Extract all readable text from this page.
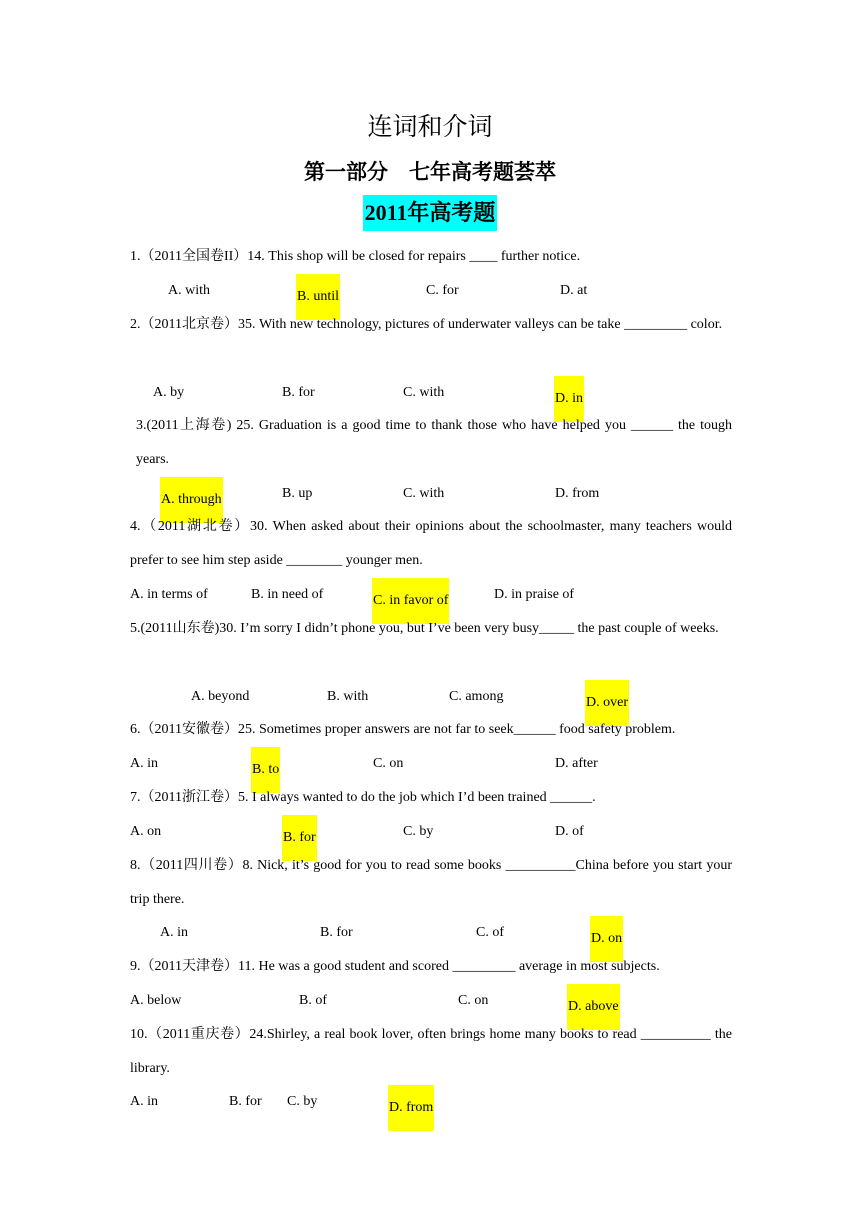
连词和介词
第一部分　七年高考题荟萃
2011年高考题
1.（2011全国卷II）14. This shop will be closed for repairs ____ further notice.
A. with	B. until	C. for	D. at
2.（2011北京卷）35. With new technology, pictures of underwater valleys can be take _________ color.
A. by	B. for	C. with	D. in
3.(2011上海卷) 25. Graduation is a good time to thank those who have helped you ______ the tough years.
A. through	B. up	C. with	D. from
4.（2011湖北卷）30. When asked about their opinions about the schoolmaster, many teachers would prefer to see him step aside ________ younger men.
A. in terms of	B. in need of	C. in favor of	D. in praise of
5.(2011山东卷)30. I’m sorry I didn’t phone you, but I’ve been very busy_____ the past couple of weeks.
A. beyond	B. with	C. among	D. over
6.（2011安徽卷）25. Sometimes proper answers are not far to seek______ food safety problem.
A. in	B. to	C. on	D. after
7.（2011浙江卷）5. I always wanted to do the job which I’d been trained ______.
A. on	B. for	C. by	D. of
8.（2011四川卷）8. Nick, it’s good for you to read some books __________China before you start your trip there.
A. in	B. for	C. of	D. on
9.（2011天津卷）11. He was a good student and scored _________ average in most subjects.
A. below	B. of	C. on	D. above
10.（2011重庆卷）24.Shirley, a real book lover, often brings home many books to read __________ the library.
A. in	B. for C. by	D. from
